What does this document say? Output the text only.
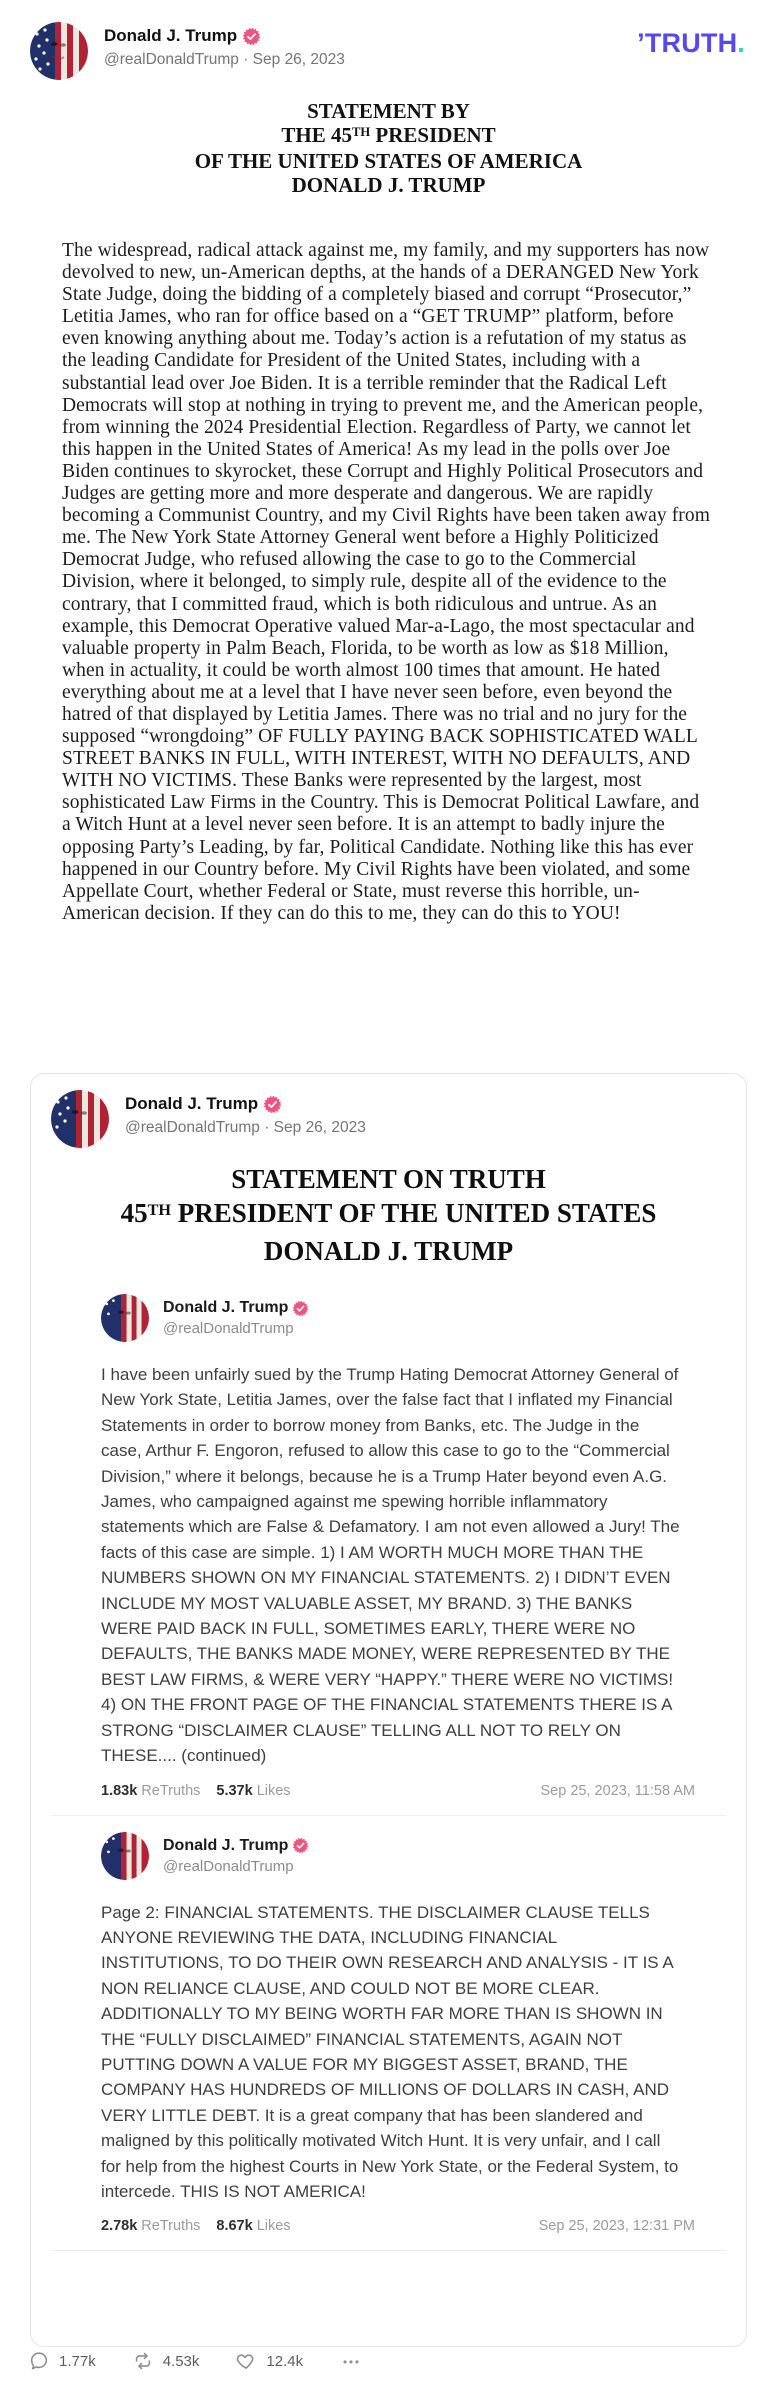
Donald J. Trump
@realDonaldTrump · Sep 26, 2023
’TRUTH.
STATEMENT BY
THE 45TH PRESIDENT
OF THE UNITED STATES OF AMERICA
DONALD J. TRUMP
The widespread, radical attack against me, my family, and my supporters has now devolved to new, un-American depths, at the hands of a DERANGED New York State Judge, doing the bidding of a completely biased and corrupt “Prosecutor,” Letitia James, who ran for office based on a “GET TRUMP” platform, before even knowing anything about me. Today’s action is a refutation of my status as the leading Candidate for President of the United States, including with a substantial lead over Joe Biden. It is a terrible reminder that the Radical Left Democrats will stop at nothing in trying to prevent me, and the American people, from winning the 2024 Presidential Election. Regardless of Party, we cannot let this happen in the United States of America! As my lead in the polls over Joe Biden continues to skyrocket, these Corrupt and Highly Political Prosecutors and Judges are getting more and more desperate and dangerous. We are rapidly becoming a Communist Country, and my Civil Rights have been taken away from me. The New York State Attorney General went before a Highly Politicized Democrat Judge, who refused allowing the case to go to the Commercial Division, where it belonged, to simply rule, despite all of the evidence to the contrary, that I committed fraud, which is both ridiculous and untrue. As an example, this Democrat Operative valued Mar-a-Lago, the most spectacular and valuable property in Palm Beach, Florida, to be worth as low as $18 Million, when in actuality, it could be worth almost 100 times that amount. He hated everything about me at a level that I have never seen before, even beyond the hatred of that displayed by Letitia James. There was no trial and no jury for the supposed “wrongdoing” OF FULLY PAYING BACK SOPHISTICATED WALL STREET BANKS IN FULL, WITH INTEREST, WITH NO DEFAULTS, AND WITH NO VICTIMS. These Banks were represented by the largest, most sophisticated Law Firms in the Country. This is Democrat Political Lawfare, and a Witch Hunt at a level never seen before. It is an attempt to badly injure the opposing Party’s Leading, by far, Political Candidate. Nothing like this has ever happened in our Country before. My Civil Rights have been violated, and some Appellate Court, whether Federal or State, must reverse this horrible, un-American decision. If they can do this to me, they can do this to YOU!
Donald J. Trump
@realDonaldTrump · Sep 26, 2023
STATEMENT ON TRUTH
45TH PRESIDENT OF THE UNITED STATES
DONALD J. TRUMP
Donald J. Trump
@realDonaldTrump
I have been unfairly sued by the Trump Hating Democrat Attorney General of New York State, Letitia James, over the false fact that I inflated my Financial Statements in order to borrow money from Banks, etc. The Judge in the case, Arthur F. Engoron, refused to allow this case to go to the “Commercial Division,” where it belongs, because he is a Trump Hater beyond even A.G. James, who campaigned against me spewing horrible inflammatory statements which are False & Defamatory. I am not even allowed a Jury! The facts of this case are simple. 1) I AM WORTH MUCH MORE THAN THE NUMBERS SHOWN ON MY FINANCIAL STATEMENTS. 2) I DIDN’T EVEN INCLUDE MY MOST VALUABLE ASSET, MY BRAND. 3) THE BANKS WERE PAID BACK IN FULL, SOMETIMES EARLY, THERE WERE NO DEFAULTS, THE BANKS MADE MONEY, WERE REPRESENTED BY THE BEST LAW FIRMS, & WERE VERY “HAPPY.” THERE WERE NO VICTIMS! 4) ON THE FRONT PAGE OF THE FINANCIAL STATEMENTS THERE IS A STRONG “DISCLAIMER CLAUSE” TELLING ALL NOT TO RELY ON THESE.... (continued)
1.83k ReTruths 5.37k Likes	Sep 25, 2023, 11:58 AM
Donald J. Trump
@realDonaldTrump
Page 2: FINANCIAL STATEMENTS. THE DISCLAIMER CLAUSE TELLS ANYONE REVIEWING THE DATA, INCLUDING FINANCIAL INSTITUTIONS, TO DO THEIR OWN RESEARCH AND ANALYSIS - IT IS A NON RELIANCE CLAUSE, AND COULD NOT BE MORE CLEAR. ADDITIONALLY TO MY BEING WORTH FAR MORE THAN IS SHOWN IN THE “FULLY DISCLAIMED” FINANCIAL STATEMENTS, AGAIN NOT PUTTING DOWN A VALUE FOR MY BIGGEST ASSET, BRAND, THE COMPANY HAS HUNDREDS OF MILLIONS OF DOLLARS IN CASH, AND VERY LITTLE DEBT. It is a great company that has been slandered and maligned by this politically motivated Witch Hunt. It is very unfair, and I call for help from the highest Courts in New York State, or the Federal System, to intercede. THIS IS NOT AMERICA!
2.78k ReTruths 8.67k Likes	Sep 25, 2023, 12:31 PM
1.77k	4.53k	12.4k
